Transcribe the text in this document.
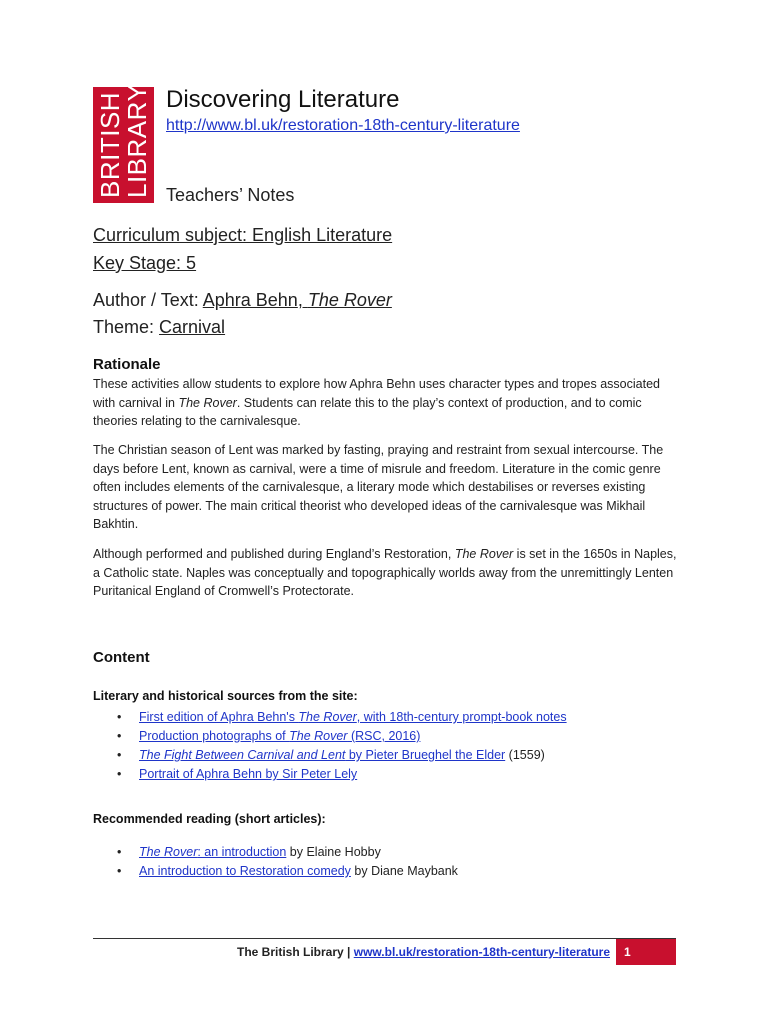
BRITISH
LIBRARY Discovering Literature
http://www.bl.uk/restoration-18th-century-literature
Teachers’ Notes
Curriculum subject: English Literature
Key Stage: 5
Author / Text: Aphra Behn, The Rover
Theme: Carnival
Rationale
These activities allow students to explore how Aphra Behn uses character types and tropes associated with carnival in The Rover. Students can relate this to the play’s context of production, and to comic theories relating to the carnivalesque.
The Christian season of Lent was marked by fasting, praying and restraint from sexual intercourse. The days before Lent, known as carnival, were a time of misrule and freedom. Literature in the comic genre often includes elements of the carnivalesque, a literary mode which destabilises or reverses existing structures of power. The main critical theorist who developed ideas of the carnivalesque was Mikhail Bakhtin.
Although performed and published during England’s Restoration, The Rover is set in the 1650s in Naples, a Catholic state. Naples was conceptually and topographically worlds away from the unremittingly Lenten Puritanical England of Cromwell’s Protectorate.
Content
Literary and historical sources from the site:
• First edition of Aphra Behn's The Rover, with 18th-century prompt-book notes
• Production photographs of The Rover (RSC, 2016)
• The Fight Between Carnival and Lent by Pieter Brueghel the Elder (1559)
• Portrait of Aphra Behn by Sir Peter Lely
Recommended reading (short articles):
• The Rover: an introduction by Elaine Hobby
• An introduction to Restoration comedy by Diane Maybank
The British Library | www.bl.uk/restoration-18th-century-literature 1
